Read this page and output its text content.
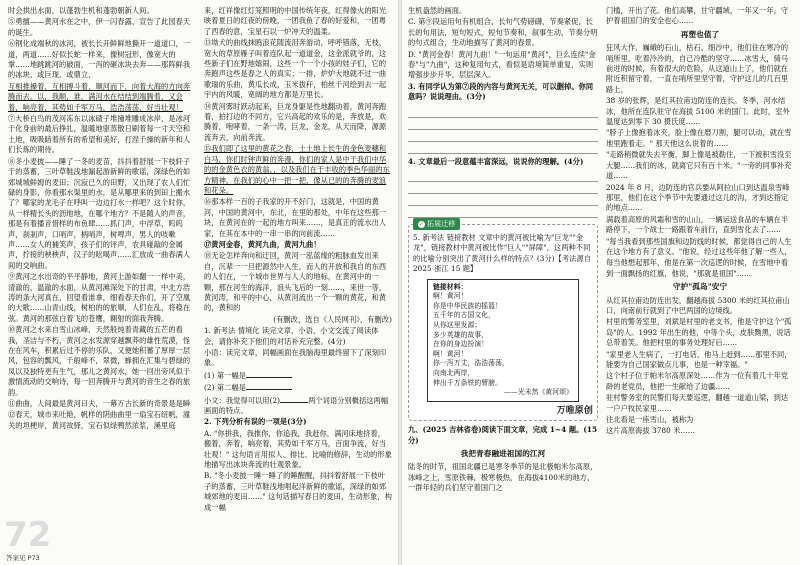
时会拱出水面，以蓬勃生机和蓬勃朝新人间。

⑤勇擅——黄河水在之中，伊一闪春露，宣告了此园春天的诞生。

⑥钢化成端秋的冰河，被长长开鲜鲜地撕开一道道口，一道，两道……好似长蛇一样来，像树冠形，像宽大的掌……地跳跳河的破面，一泻的砸冰块去奔——那阵鲜我的冰块，或巨现，或鼎立，

互相推搡着，互相搏斗着，顺河而下，向着大海的方向奔腾而去。以，我顺，谁，满河水在结结到端腾着，又会着，响亮着，其势如千军万马，浩浩荡荡，好当壮观！

⑦大桥白鸟的茂河冻东以冰碴子堆撞堆雕成冰岸，是冰河于化身前的最后挣扎，温暖地驱蒸散日刷着每一寸天空和土地，吸吸暗着所有的希望和美好，打涅千操的新年和人们长炼的期待。

⑧冬小麦披——睡了一冬的麦苗，抖抖着舒展一下枝轩子于的蒸蓄，三叶草鞋浅地漏起游新鲜的歌谣，深绿色的如郊城城鲜姆的麦田；沉寂已久的田野，又出现了农人们忙碌的身影，你看那水渠里的水，是从哪里来的到田上搬水了？哪家的龙毛子在呼叫一边边打水一样吧？这个时你，从一样精长头的沥地地，在哪个地方？不是随人的声音，那是有着播音惜样的布鱼肆……抓门声，中浮草，呜呜声，刹刹声，口哨声，柄哨声，树啤声，男人的吱嗽声……女人的捕笑声，孩子们的评声，农具碰敲的金属声，拧接的秧秧声，汉子的吆喝声……汇放成一曲春满人间的交响曲。

⑨黄河之水出奇的平平静地，黄河上游如翻一一样中美，清澈的，温澈的水面，从黄河滩深处下的甘肃，中北方浩涛的条大河真在，回望看谁拿，细看春天你们，开了空凰的大歌……山青山线，树柏的的旅顺，人们在乱，将稳在弦。黄河的那弦白着飞的苍鹰，翱射的面我奔腾。

⑩黄河之水来自雪山冰峰，天然般纯着青藏的五芒的看我，圣洁与不朽，黄河之水发源穿越飘莽的雄性荒漠，怪在在风车，积累后过不停的乐队，又便她积蓄了厚厚一层风，包容的瓢风，千般峰不，翠微，蜂拥在汇集与碧绿的凤以及独特更有生气，那儿之黄河水，她一回出旁风似于激情流动的交响诗，每一回奔腾开与黄河的音生之春的旅韵。

⑪曲曲，人间最是黄河曰夫，一幕万古长新的奇景是是瞬

⑫春天，城市来吐艳，帆样的阴曲曲里一扇宝石纽帆，潼关的坦梗岸，黄河故驿，宝石似绿鸭然浓浆，溪里庭

来，红祥像红灯笼照明的中国传统年夜，红得像火的阳光映着夏日的红夜的傍晚，一团我鱼了春的好爱和，一团粤了西春的意，宝星石以一炉冲天的温柔。

⑬坳犬的曲线抹鸥浪花随流泪奔游动，呼呼错落，无枝，宽大的草原雁子叫着连队起一道道金，这金派就爷的，这些新子们在野地嬉闹，这些一个一个小孩的娃子们，它的奔跑声这些是春之人的真实；一排，炉炉大地就不过一曲歌瑞的乐曲，黄瓜长成，玉米拔秆，柏丝千河绘到去一起宇内的风暖，宽阔的地方都是万里长。

⑭黄河雾时跃动起来，巨龙身躯是性地翻动着，黄河奔跑着，拍打边的不同方，它兴高起的欢乐的是，奔放是，欢腾着，咆哮着，一条一涛，巨龙，金龙，从天而降，源源流奔去，向前奔流。

⑮我们即了这里的黄花之春，土土地上长生的金色麦穗和白马，你们时钟声鲜的奔漫，你们的家人是中于我们中华的的金黄色衣的黄翁，，以及我们在于丰收的季色华丽的东方精神，在我们的心中一把一把，像从已的的奔腾的麦浪和花朵。

⑯那本样一百的子我家的开不好门，这就是，中国的黄河，中国的黄河中，东北，在里的那处，中年在这些那一块，在黄河在的一起的地方叫来……，是真正的流水出人家，在其在本中的一串一串的向前流……

⑰黄河金春，黄河九曲，黄河九曲！

⑱无论怎样奔向和迂回，黄河一泓蓝缘的粗脉血发出来自，沉辈一一旦把源然中入生，而人的开放和我自的东西的人们在，一个城市世界与人人的地标，在黄河中的一颗，那在河生的海洋，浪头飞后的一刻……，来世一等，黄河涛，和平的中心，从黄河流出一个一颗的黄花，和黄的，黄和的

(有删改，选自《人民网刊》，有删改)

1. 新考法 情境化 读完文章，小语，小文交流了阅读体会，请你补充下他们的对话补充完整。(4分)

小语：读完文章，同幅画面在我脑海里最终留下了深刻印象。

(1) 第一幅是

(2) 第二幅是

小文：我觉得可以用(2)	两个词语分别概括这两幅画面的特点。

2. 下列分析有误的一项是(3分)

A. "你拼我，我推你，你追我，我赶你，满河床地挤着，搬着，奔着，响亮着，其势如千军万马，百面争流，好当壮观！" 这句语言用拟人、排比、比喻的修辞，生动的形象地描写出冰块奔流的壮观景象。

B. "冬小麦披一睡一睡了的睡醒醒，抖抖着舒展一下枝叶子的蒸蓄，三叶草鞋浅地唱起洋新鲜的歌谣，深绿的如郊城郊地的麦田……" 这句话描写春日的麦田，生动形象，构成一幅

72
答案见 P73

生机盎然的画面。

C. 第⑨段运用句有机组合，长句气势磅礴，节奏紧促，长长的句用法，短句短式，短句节奏和，叙事生动，节奏分明的句式组合，生动地描写了黄河的春景。

D. "黄河金春！黄河九曲！"一句运用"黄河"，巨么连续"金春"与"九曲"，这种复用句式，看似是语境简单重复，实则增强步步升华，层层深入。

3. 有同学认为第⑦段的内容与黄河无关，可以删掉。你同意吗？说说理由。(3分)

4. 文章最后一段意蕴丰富深远，说说你的理解。(4分)

✓ 拓展迁移

5. 新考法 链接教材 文章中的黄河被比喻为"巨龙""金龙"，链接教材中黄河被比作"巨人""屏障"，这两种不同的比喻分别突出了黄河什么样的特点？(3分)【考法源自2025 浙江 15 题】

链接材料：
啊！黄河！
你是中华民族的摇篮！
五千年的古国文化，
从你这里发源；
多少英雄的故事，
在你的身边扮演！
啊！黄河！
你一泻万丈，浩浩荡荡，
向南北两岸，
伸出千万条铁的臂膀。
——光未然《黄河颂》
万唯原创

九、(2025 吉林省卷)阅读下面文章，完成 1~4 题。(15 分)

我把青春融进祖国的江河

陆冬的时节，祖国北疆已是寒冬季节的是北极帕米尔高原，冰峰之上，雪原铁棘，极寒极热，在海拔4100米的地方，一群年轻的兵们坚守着国门之

门槛，开出了花。他们高攀，甘守疆域，一年又一年，守护着祖国门的安全也心……

再塑也值了

狂风大作，巍峨的石山，枯石、细沙中，他们住在寒冷的哨所里，吃着冷冷的，自己冷酷的坚守……冰雪大，骑马前进的时候，有着很大的危险，从这道山上了，他们就在附近积留守着，一直在哨所里坚守着，守护这儿的几百里路上，

38 岁的张辉，是红其拉甫边防连的连长。冬季，河水结冰，他所在连队驻守在海拔 5100 米的国门。此时，室外温度达到零下 30 摄氏度……

"脖子上像抱着冰夹，脸上像在磨刀割，腿可以动，就在雪地里跑着走。" 那天他这么说着的……

"走路稍微就失去平衡，脚上像是被勒住，一下被积雪没至大腿……我们的冰，就离它只有百十米。"一旁的同事补充道……

2024 年 8 月，边防连的官兵要从阿拉山口到达温泉雪峰那里，他们在这个季节中先要通过这儿的沟，才到达指定的地点……

满载着高原的风霜和雪的山山，一辆运送食品的车辆在半路停下，一个战士一路跟着车前行，直到雪化去了……

"每当我看到那些国旗和边防线的时候，都觉得自己的人生在这个地方有了意义。"他说，经过这些年他了解一些人，

每当他想起那年，他是在第一次巡逻的时候，在雪地中看到一面飘扬的红旗，他说，"那就是祖国"……

守护"孤岛"安宁

从红其拉甫边防连出发，翻越海拔 5300 米的红其拉甫山口，向南前行就到了中巴两国的边境线。

村里的警务室里，刘斌是村里的老支书，他是守护这个"孤岛"的人。1992 年出生的他，中等个头，皮肤黝黑，说话总带着笑。他把村里的事务处理好后……

"家里老人生病了，一打电话，他马上赶到……那里不同，能要为自己国家做点儿事，也是一种幸福。"

这个村子位于帕米尔高原深处……作为一位有着几十年党龄的老党员，他把一生献给了边疆……

驻村警务室的民警们每天要巡逻，翻越一道道山梁，到达一户户牧民家里……

往北看是一座雪山，被称为

这片高原海拔 3780 米……
